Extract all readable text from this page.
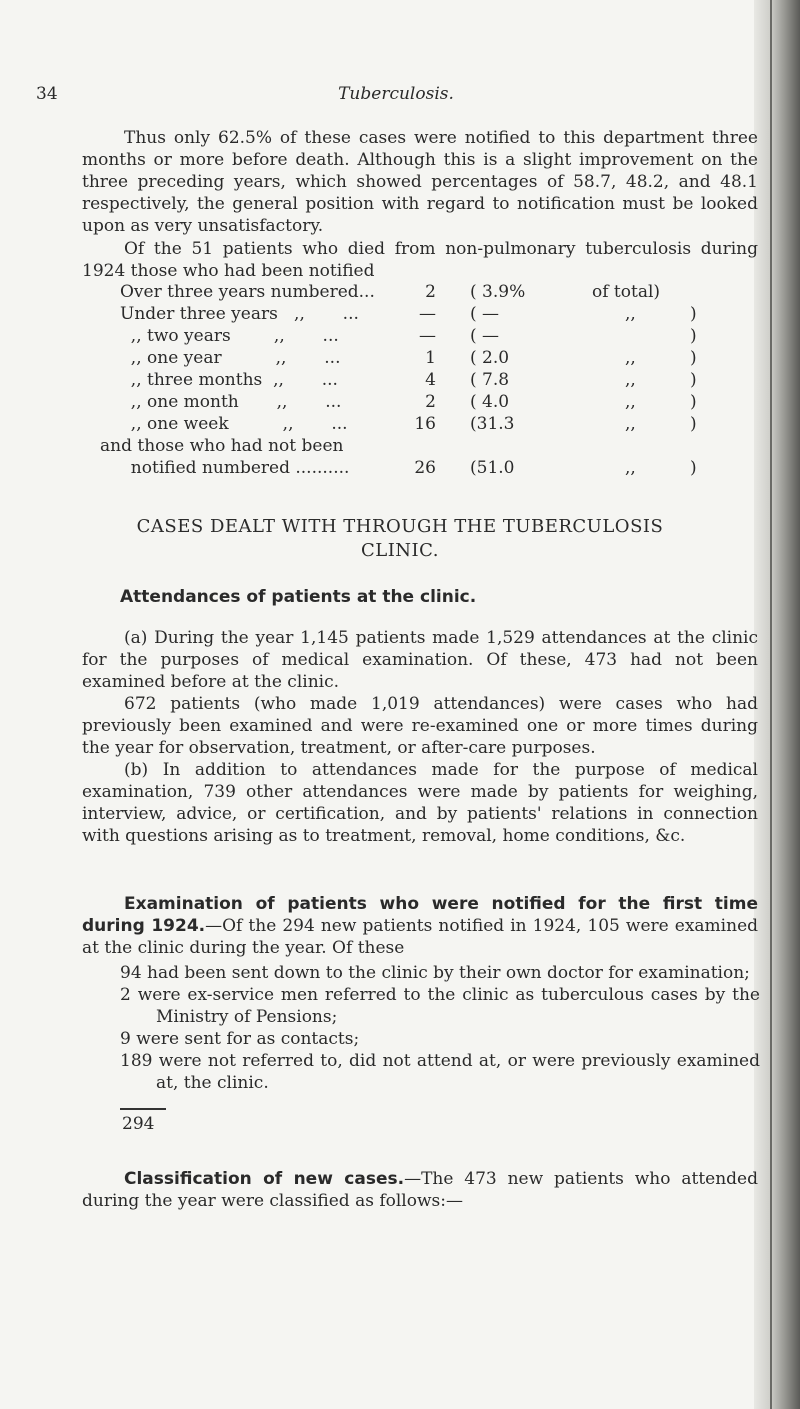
34	Tuberculosis.
Thus only 62.5% of these cases were notified to this department three months or more before death. Although this is a slight improvement on the three preceding years, which showed percentages of 58.7, 48.2, and 48.1 respectively, the general position with regard to notification must be looked upon as very unsatisfactory.
Of the 51 patients who died from non-pulmonary tuberculosis during 1924 those who had been notified
Over three years numbered...	2 ( 3.9%	of total)
Under three years   ,,       ...	— ( —	,,	)
,, two years        ,,       ...	— ( —	)
,, one year          ,,       ...	1 ( 2.0	,,	)
,, three months  ,,       ...	4 ( 7.8	,,	)
,, one month       ,,       ...	2 ( 4.0	,,	)
,, one week          ,,       ...	16 (31.3	,,	)
and those who had not been
notified numbered ..........	26 (51.0	,,	)
CASES DEALT WITH THROUGH THE TUBERCULOSIS
CLINIC.
Attendances of patients at the clinic.
(a) During the year 1,145 patients made 1,529 attendances at the clinic for the purposes of medical examination. Of these, 473 had not been examined before at the clinic.
672 patients (who made 1,019 attendances) were cases who had previously been examined and were re-examined one or more times during the year for observation, treatment, or after-care purposes.
(b) In addition to attendances made for the purpose of medical examination, 739 other attendances were made by patients for weighing, interview, advice, or certification, and by patients' relations in connection with questions arising as to treatment, removal, home conditions, &c.
Examination of patients who were notified for the first time during 1924.—Of the 294 new patients notified in 1924, 105 were examined at the clinic during the year. Of these
94 had been sent down to the clinic by their own doctor for examination;
2 were ex-service men referred to the clinic as tuberculous cases by the Ministry of Pensions;
9 were sent for as contacts;
189 were not referred to, did not attend at, or were previously examined at, the clinic.
294
Classification of new cases.—The 473 new patients who attended during the year were classified as follows:—
